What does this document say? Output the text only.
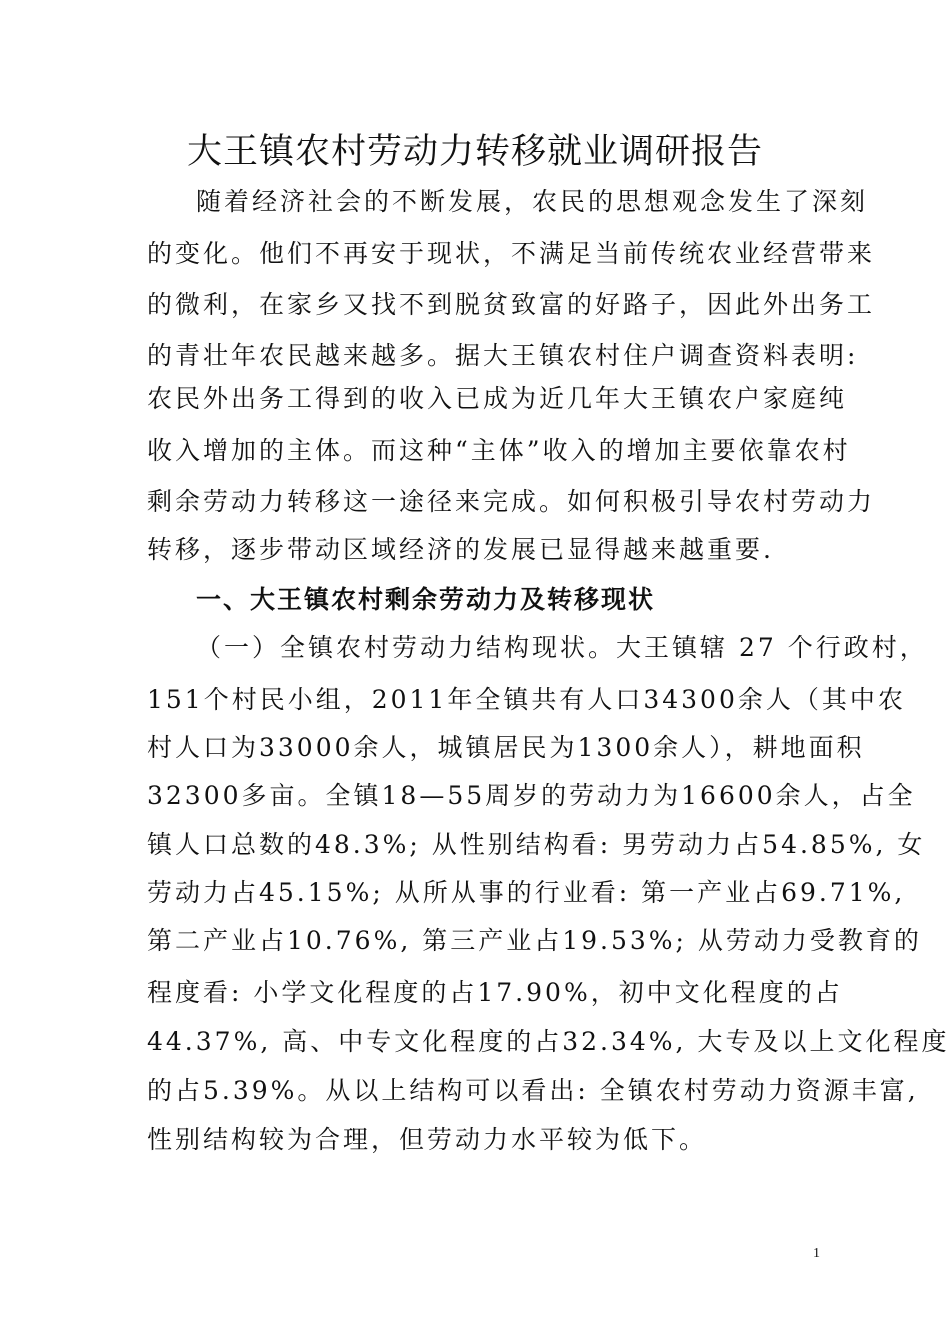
大王镇农村劳动力转移就业调研报告

随着经济社会的不断发展，农民的思想观念发生了深刻

的变化。他们不再安于现状，不满足当前传统农业经营带来

的微利，在家乡又找不到脱贫致富的好路子，因此外出务工

的青壮年农民越来越多。据大王镇农村住户调查资料表明:

农民外出务工得到的收入已成为近几年大王镇农户家庭纯

收入增加的主体。而这种“主体”收入的增加主要依靠农村

剩余劳动力转移这一途径来完成。如何积极引导农村劳动力

转移，逐步带动区域经济的发展已显得越来越重要.

一、大王镇农村剩余劳动力及转移现状

（一）全镇农村劳动力结构现状。大王镇辖 27 个行政村，

151个村民小组，2011年全镇共有人口34300余人（其中农

村人口为33000余人，城镇居民为1300余人），耕地面积

32300多亩。全镇18—55周岁的劳动力为16600余人，占全

镇人口总数的48.3%; 从性别结构看: 男劳动力占54.85%, 女

劳动力占45.15%; 从所从事的行业看: 第一产业占69.71%,

第二产业占10.76%, 第三产业占19.53%; 从劳动力受教育的

程度看: 小学文化程度的占17.90%，初中文化程度的占

44.37%, 高、中专文化程度的占32.34%, 大专及以上文化程度

的占5.39%。从以上结构可以看出: 全镇农村劳动力资源丰富,

性别结构较为合理，但劳动力水平较为低下。

1
